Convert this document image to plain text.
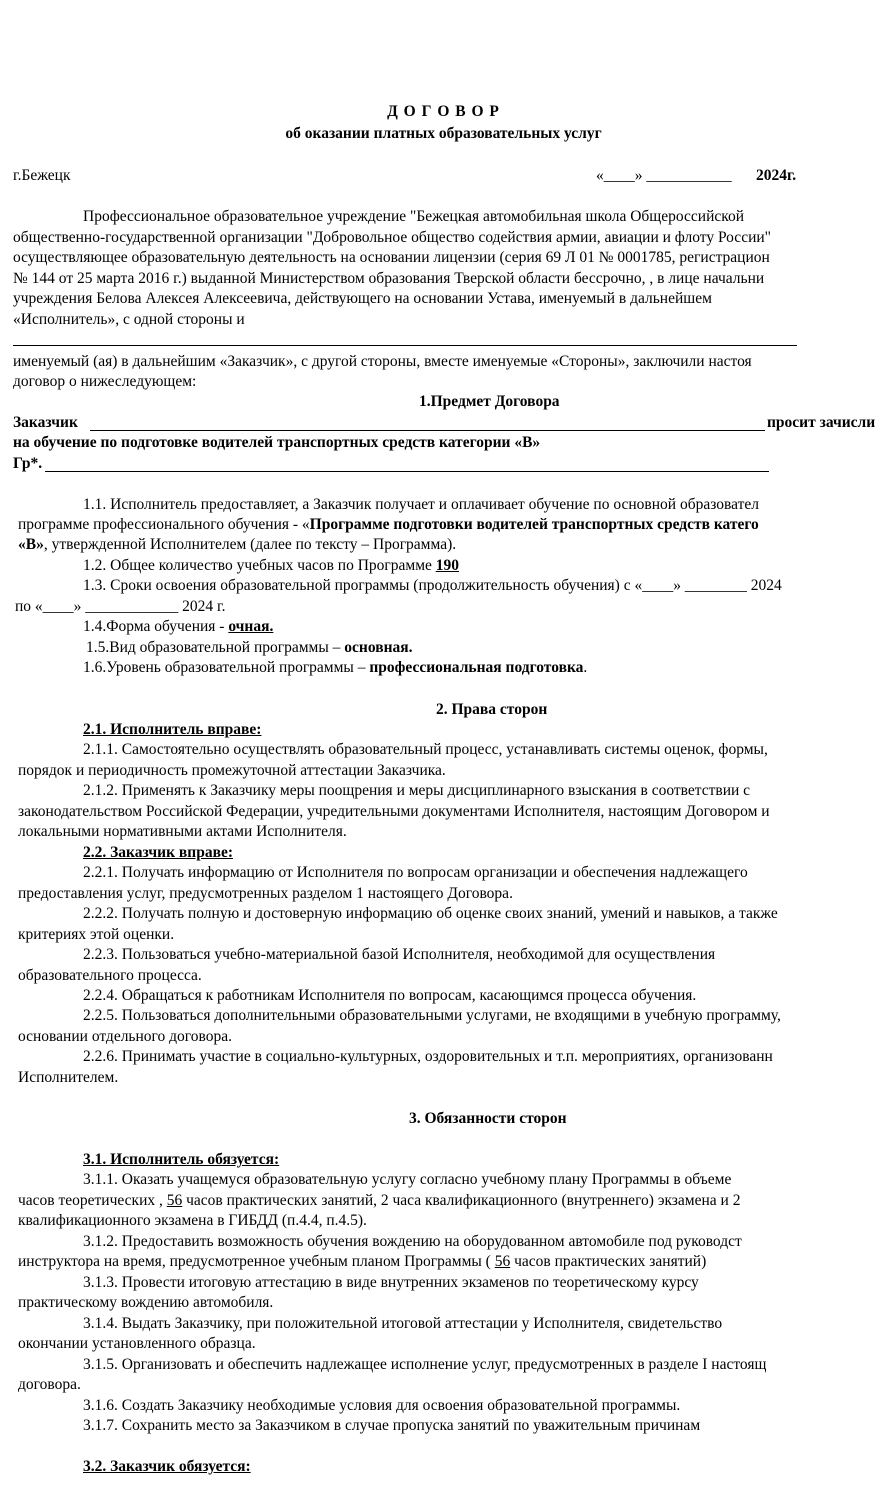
Д О Г О В О Р
об оказании платных образовательных услуг
г.Бежецк	«____» ___________ 2024г.
Профессиональное образовательное учреждение "Бежецкая автомобильная школа Общероссийской
общественно-государственной организации "Добровольное общество содействия армии, авиации и флоту России"
осуществляющее образовательную деятельность на основании лицензии (серия 69 Л 01 № 0001785, регистрацион
№ 144 от 25 марта 2016 г.) выданной Министерством образования Тверской области бессрочно, , в лице начальни
учреждения Белова Алексея Алексеевича, действующего на основании Устава, именуемый в дальнейшем
«Исполнитель», с одной стороны и
именуемый (ая) в дальнейшим «Заказчик», с другой стороны, вместе именуемые «Стороны», заключили настоя
договор о нижеследующем:
1.Предмет Договора
Заказчик	просит зачисли
на обучение по подготовке водителей транспортных средств категории «В»
Гр*.
1.1. Исполнитель предоставляет, а Заказчик получает и оплачивает обучение по основной образовател
программе профессионального обучения - «Программе подготовки водителей транспортных средств катего
«В», утвержденной Исполнителем (далее по тексту – Программа).
1.2. Общее количество учебных часов по Программе 190
1.3. Сроки освоения образовательной программы (продолжительность обучения) с «____» ________ 2024
по «____» ____________ 2024 г.
1.4.Форма обучения - очная.
1.5.Вид образовательной программы – основная.
1.6.Уровень образовательной программы – профессиональная подготовка.
2. Права сторон
2.1. Исполнитель вправе:
2.1.1. Самостоятельно осуществлять образовательный процесс, устанавливать системы оценок, формы,
порядок и периодичность промежуточной аттестации Заказчика.
2.1.2. Применять к Заказчику меры поощрения и меры дисциплинарного взыскания в соответствии с
законодательством Российской Федерации, учредительными документами Исполнителя, настоящим Договором и
локальными нормативными актами Исполнителя.
2.2. Заказчик вправе:
2.2.1. Получать информацию от Исполнителя по вопросам организации и обеспечения надлежащего
предоставления услуг, предусмотренных разделом 1 настоящего Договора.
2.2.2. Получать полную и достоверную информацию об оценке своих знаний, умений и навыков, а также
критериях этой оценки.
2.2.3. Пользоваться учебно-материальной базой Исполнителя, необходимой для осуществления
образовательного процесса.
2.2.4. Обращаться к работникам Исполнителя по вопросам, касающимся процесса обучения.
2.2.5. Пользоваться дополнительными образовательными услугами, не входящими в учебную программу,
основании отдельного договора.
2.2.6. Принимать участие в социально-культурных, оздоровительных и т.п. мероприятиях, организованн
Исполнителем.
3. Обязанности сторон
3.1. Исполнитель обязуется:
3.1.1. Оказать учащемуся образовательную услугу согласно учебному плану Программы в объеме
часов теоретических , 56 часов практических занятий, 2 часа квалификационного (внутреннего) экзамена и 2
квалификационного экзамена в ГИБДД (п.4.4, п.4.5).
3.1.2. Предоставить возможность обучения вождению на оборудованном автомобиле под руководст
инструктора на время, предусмотренное учебным планом Программы ( 56 часов практических занятий)
3.1.3. Провести итоговую аттестацию в виде внутренних экзаменов по теоретическому курсу
практическому вождению автомобиля.
3.1.4. Выдать Заказчику, при положительной итоговой аттестации у Исполнителя, свидетельство
окончании установленного образца.
3.1.5. Организовать и обеспечить надлежащее исполнение услуг, предусмотренных в разделе I настоящ
договора.
3.1.6. Создать Заказчику необходимые условия для освоения образовательной программы.
3.1.7. Сохранить место за Заказчиком в случае пропуска занятий по уважительным причинам
3.2. Заказчик обязуется:
